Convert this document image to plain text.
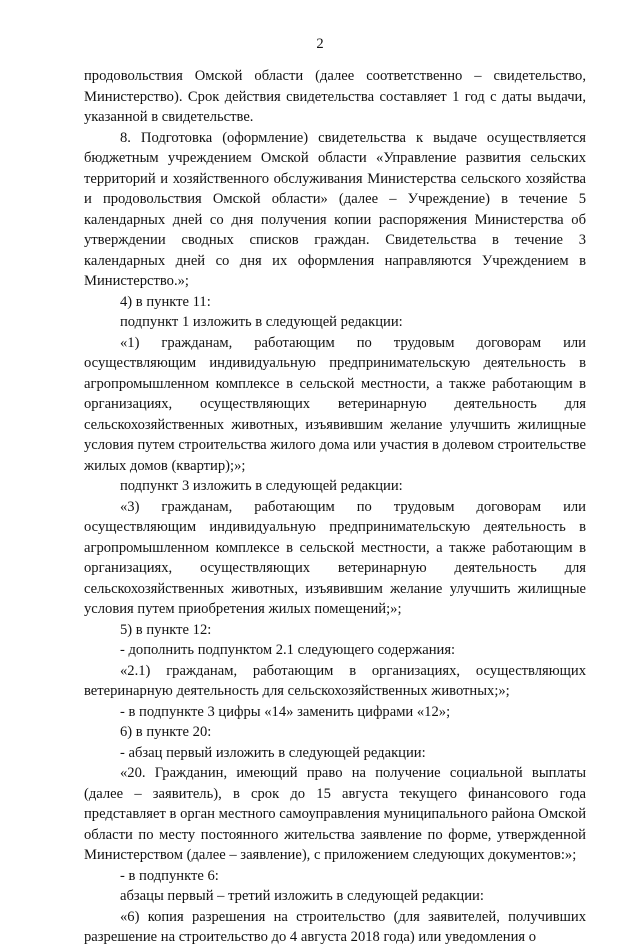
2

продовольствия Омской области (далее соответственно – свидетельство, Министерство). Срок действия свидетельства составляет 1 год с даты выдачи, указанной в свидетельстве.

8. Подготовка (оформление) свидетельства к выдаче осуществляется бюджетным учреждением Омской области «Управление развития сельских территорий и хозяйственного обслуживания Министерства сельского хозяйства и продовольствия Омской области» (далее – Учреждение) в течение 5 календарных дней со дня получения копии распоряжения Министерства об утверждении сводных списков граждан. Свидетельства в течение 3 календарных дней со дня их оформления направляются Учреждением в Министерство.»;

4) в пункте 11:

подпункт 1 изложить в следующей редакции:

«1) гражданам, работающим по трудовым договорам или осуществляющим индивидуальную предпринимательскую деятельность в агропромышленном комплексе в сельской местности, а также работающим в организациях, осуществляющих ветеринарную деятельность для сельскохозяйственных животных, изъявившим желание улучшить жилищные условия путем строительства жилого дома или участия в долевом строительстве жилых домов (квартир);»;

подпункт 3 изложить в следующей редакции:

«3) гражданам, работающим по трудовым договорам или осуществляющим индивидуальную предпринимательскую деятельность в агропромышленном комплексе в сельской местности, а также работающим в организациях, осуществляющих ветеринарную деятельность для сельскохозяйственных животных, изъявившим желание улучшить жилищные условия путем приобретения жилых помещений;»;

5) в пункте 12:

- дополнить подпунктом 2.1 следующего содержания:

«2.1) гражданам, работающим в организациях, осуществляющих ветеринарную деятельность для сельскохозяйственных животных;»;

- в подпункте 3 цифры «14» заменить цифрами «12»;

6) в пункте 20:

- абзац первый изложить в следующей редакции:

«20. Гражданин, имеющий право на получение социальной выплаты (далее – заявитель), в срок до 15 августа текущего финансового года представляет в орган местного самоуправления муниципального района Омской области по месту постоянного жительства заявление по форме, утвержденной Министерством (далее – заявление), с приложением следующих документов:»;

- в подпункте 6:

абзацы первый – третий изложить в следующей редакции:

«6) копия разрешения на строительство (для заявителей, получивших разрешение на строительство до 4 августа 2018 года) или уведомления о
